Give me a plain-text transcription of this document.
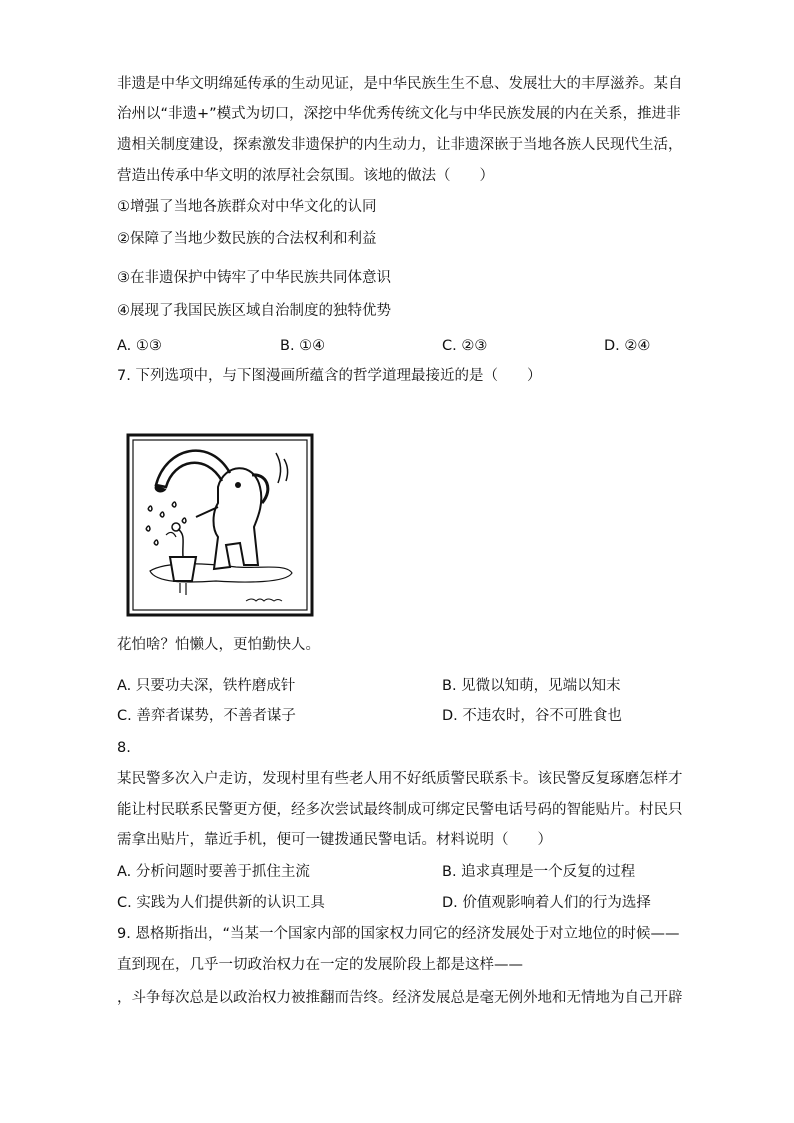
非遗是中华文明绵延传承的生动见证，是中华民族生生不息、发展壮大的丰厚滋养。某自
治州以“非遗+”模式为切口，深挖中华优秀传统文化与中华民族发展的内在关系，推进非
遗相关制度建设，探索激发非遗保护的内生动力，让非遗深嵌于当地各族人民现代生活，
营造出传承中华文明的浓厚社会氛围。该地的做法（　　）
①增强了当地各族群众对中华文化的认同
②保障了当地少数民族的合法权利和利益
③在非遗保护中铸牢了中华民族共同体意识
④展现了我国民族区域自治制度的独特优势
A. ①③	B. ①④	C. ②③	D. ②④
7. 下列选项中，与下图漫画所蕴含的哲学道理最接近的是（　　）
花怕啥？怕懒人，更怕勤快人。
A. 只要功夫深，铁杵磨成针	B. 见微以知萌，见端以知末
C. 善弈者谋势，不善者谋子	D. 不违农时，谷不可胜食也
8.
某民警多次入户走访，发现村里有些老人用不好纸质警民联系卡。该民警反复琢磨怎样才
能让村民联系民警更方便，经多次尝试最终制成可绑定民警电话号码的智能贴片。村民只
需拿出贴片，靠近手机，便可一键拨通民警电话。材料说明（　　）
A. 分析问题时要善于抓住主流	B. 追求真理是一个反复的过程
C. 实践为人们提供新的认识工具	D. 价值观影响着人们的行为选择
9. 恩格斯指出，“当某一个国家内部的国家权力同它的经济发展处于对立地位的时候——
直到现在，几乎一切政治权力在一定的发展阶段上都是这样——
，斗争每次总是以政治权力被推翻而告终。经济发展总是毫无例外地和无情地为自己开辟
